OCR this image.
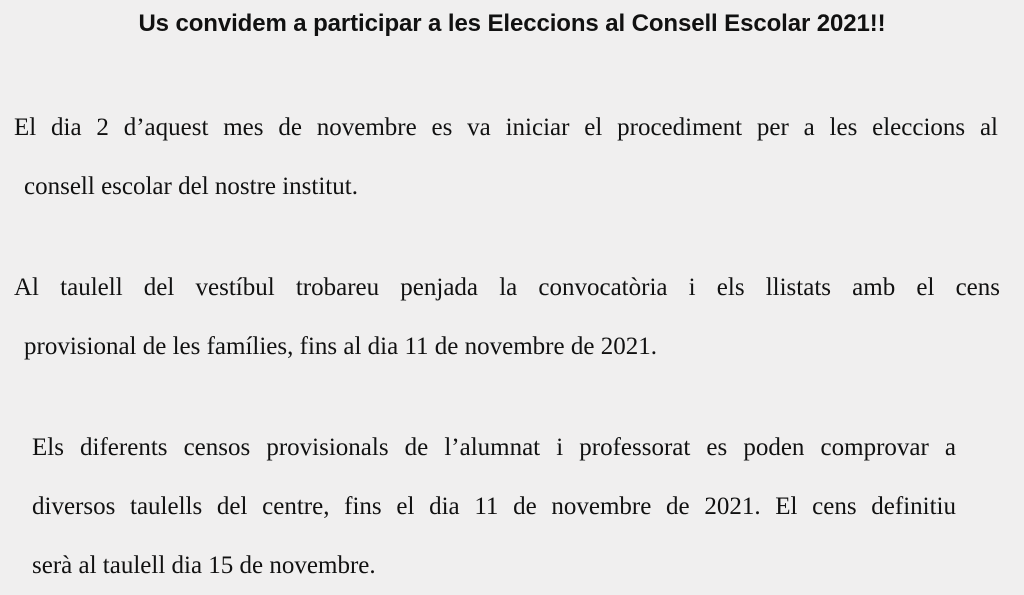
Us convidem a participar a les Eleccions al Consell Escolar 2021!!
El dia 2 d’aquest mes de novembre es va iniciar el procediment per a les eleccions al
consell escolar del nostre institut.
Al taulell del vestíbul trobareu penjada la convocatòria i els llistats amb el cens
provisional de les famílies, fins al dia 11 de novembre de 2021.
Els diferents censos provisionals de l’alumnat i professorat es poden comprovar a
diversos taulells del centre, fins el dia 11 de novembre de 2021. El cens definitiu
serà al taulell dia 15 de novembre.
